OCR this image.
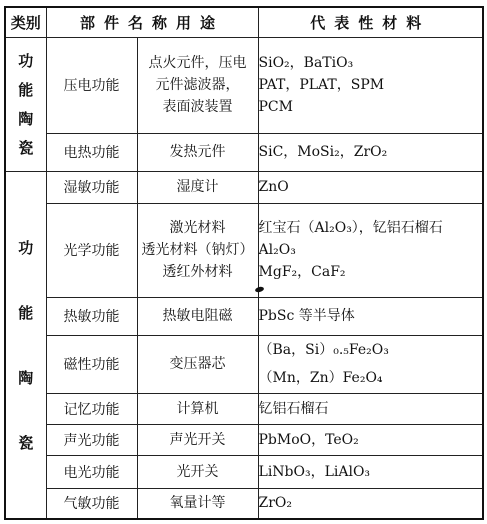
类别	部件名称用途		代表性材料

功
能
陶
瓷	压电功能	点火元件，压电
元件滤波器，
表面波装置	SiO₂，BaTiO₃
PAT，PLAT，SPM
PCM

	电热功能	发热元件	SiC，MoSi₂，ZrO₂

功
能
陶
瓷	湿敏功能	湿度计	ZnO

	光学功能	激光材料
透光材料（钠灯）
透红外材料	红宝石（Al₂O₃），钇铝石榴石
Al₂O₃
MgF₂，CaF₂

	热敏功能	热敏电阻磁	PbSc 等半导体

	磁性功能	变压器芯	（Ba，Si）₀.₅Fe₂O₃
（Mn，Zn）Fe₂O₄

	记忆功能	计算机	钇铝石榴石

	声光功能	声光开关	PbMoO，TeO₂

	电光功能	光开关	LiNbO₃，LiAlO₃

	气敏功能	氧量计等	ZrO₂
